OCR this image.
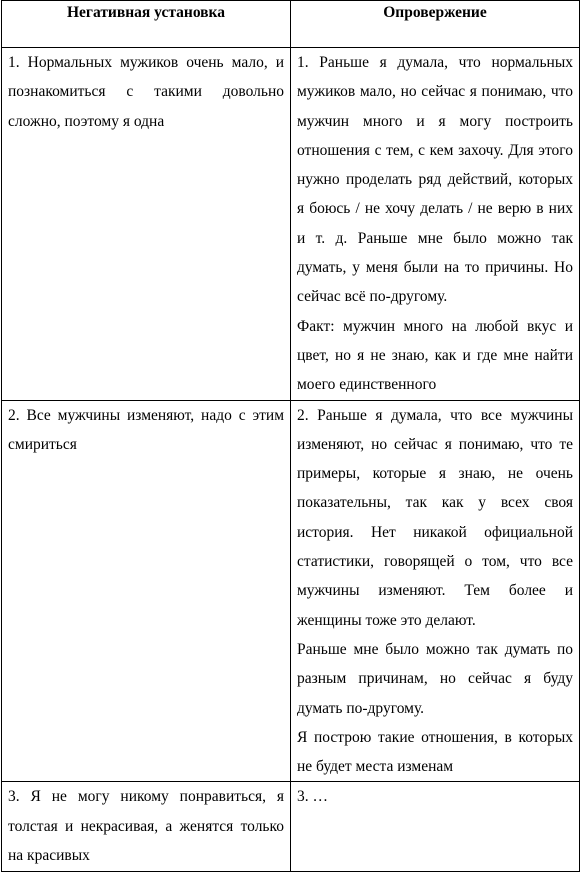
Негативная установка	Опровержение

1. Нормальных мужиков очень мало, и познакомиться с такими довольно сложно, поэтому я одна	1. Раньше я думала, что нормальных мужиков мало, но сейчас я понимаю, что мужчин много и я могу построить отношения с тем, с кем захочу. Для этого нужно проделать ряд действий, которых я боюсь / не хочу делать / не верю в них и т. д. Раньше мне было можно так думать, у меня были на то причины. Но сейчас всё по-другому.

Факт: мужчин много на любой вкус и цвет, но я не знаю, как и где мне найти моего единственного

2. Все мужчины изменяют, надо с этим смириться	2. Раньше я думала, что все мужчины изменяют, но сейчас я понимаю, что те примеры, которые я знаю, не очень показательны, так как у всех своя история. Нет никакой официальной статистики, говорящей о том, что все мужчины изменяют. Тем более и женщины тоже это делают.

Раньше мне было можно так думать по разным причинам, но сейчас я буду думать по-другому.

Я построю такие отношения, в которых не будет места изменам

3. Я не могу никому понравиться, я толстая и некрасивая, а женятся только на красивых	3. …
